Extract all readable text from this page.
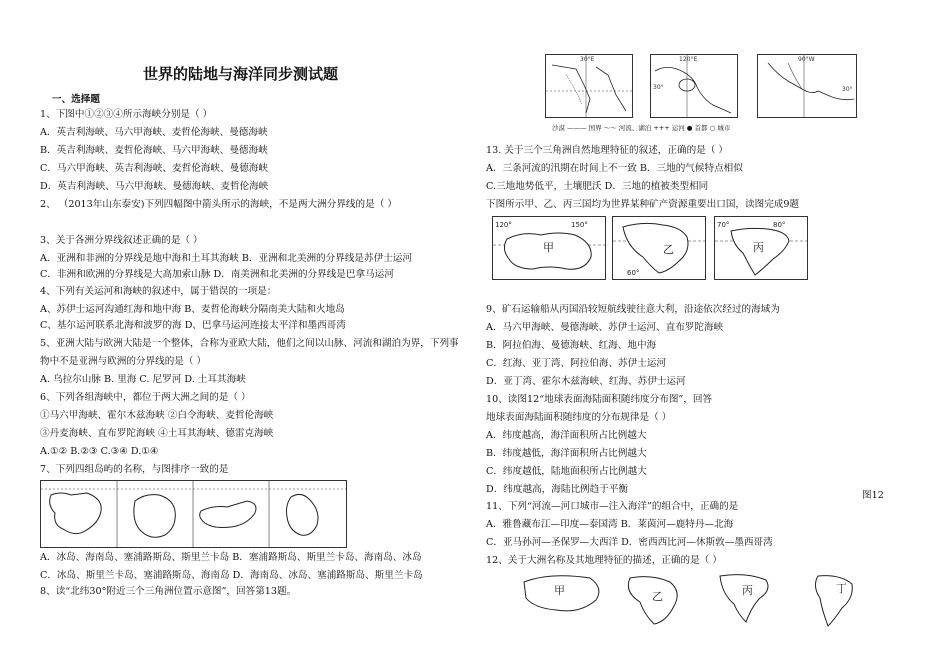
世界的陆地与海洋同步测试题
一、选择题
1、下图中①②③④所示海峡分别是（ ）
A．英吉利海峡、马六甲海峡、麦哲伦海峡、曼德海峡
B．英吉利海峡、麦哲伦海峡、马六甲海峡、曼德海峡
C．马六甲海峡、英吉利海峡、麦哲伦海峡、曼德海峡
D．英吉利海峡、马六甲海峡、曼德海峡、麦哲伦海峡
2、 （2013年山东泰安)下列四幅图中箭头所示的海峡，不是两大洲分界线的是（ ）
3、关于各洲分界线叙述正确的是（ ）
A．亚洲和非洲的分界线是地中海和土耳其海峡 B．亚洲和北美洲的分界线是苏伊士运河
C．非洲和欧洲的分界线是大高加索山脉 D．南美洲和北美洲的分界线是巴拿马运河
4、下列有关运河和海峡的叙述中，属于错误的一项是：
A、苏伊士运河沟通红海和地中海 B、麦哲伦海峡分隔南美大陆和火地岛
C、基尔运河联系北海和波罗的海 D、巴拿马运河连接太平洋和墨西哥湾
5、亚洲大陆与欧洲大陆是一个整体，合称为亚欧大陆，他们之间以山脉、河流和湖泊为界，下列事
物中不是亚洲与欧洲的分界线的是（ ）
A. 乌拉尔山脉 B. 里海 C. 尼罗河 D. 土耳其海峡
6、下列各组海峡中，都位于两大洲之间的是（ ）
①马六甲海峡、霍尔木兹海峡 ②白令海峡、麦哲伦海峡
③丹麦海峡、直布罗陀海峡 ④土耳其海峡、德雷克海峡
A.①② B.②③ C.③④ D.①④
7、下列四组岛屿的名称，与图排序一致的是
A．冰岛、海南岛、塞浦路斯岛、斯里兰卡岛 B．塞浦路斯岛、斯里兰卡岛、海南岛、冰岛
C．冰岛、斯里兰卡岛、塞浦路斯岛、海南岛 D．海南岛、冰岛、塞浦路斯岛、斯里兰卡岛
8、读“北纬30°附近三个三角洲位置示意图”，回答第13题。
30°E	120°E
30°
90°W
30°
沙漠 ——— 国界 ～～ 河流、湖泊 +++ 运河 ● 首都 ○ 城市
13. 关于三个三角洲自然地理特征的叙述，正确的是（ ）
A．三条河流的汛期在时间上不一致 B．三地的气候特点相似
C.三地地势低平，土壤肥沃 D．三地的植被类型相同
下图所示甲、乙、丙三国均为世界某种矿产资源重要出口国，读图完成9题
120°	150°
甲	乙
60°
70°	80°
丙
9、矿石运输船从丙国沿较短航线驶往意大利，沿途依次经过的海域为
A．马六甲海峡、曼德海峡、苏伊士运河、直布罗陀海峡
B．阿拉伯海、曼德海峡、红海、地中海
C．红海、亚丁湾、阿拉伯海、苏伊士运河
D．亚丁湾、霍尔木兹海峡、红海、苏伊士运河
10、读图12“地球表面海陆面积随纬度分布图”，回答
地球表面海陆面积随纬度的分布规律是（ ）
A．纬度越高，海洋面积所占比例越大
B．纬度越低，海洋面积所占比例越大
C．纬度越低，陆地面积所占比例越大
D．纬度越高，海陆比例趋于平衡
图12
11、下列“河流—河口城市—注入海洋”的组合中，正确的是
A．雅鲁藏布江—印度—泰国湾 B．莱茵河—鹿特丹—北海
C．亚马孙河—圣保罗—大西洋 D．密西西比河—休斯敦—墨西哥湾
12、关于大洲名称及其地理特征的描述，正确的是（ ）
甲	乙	丙	丁
